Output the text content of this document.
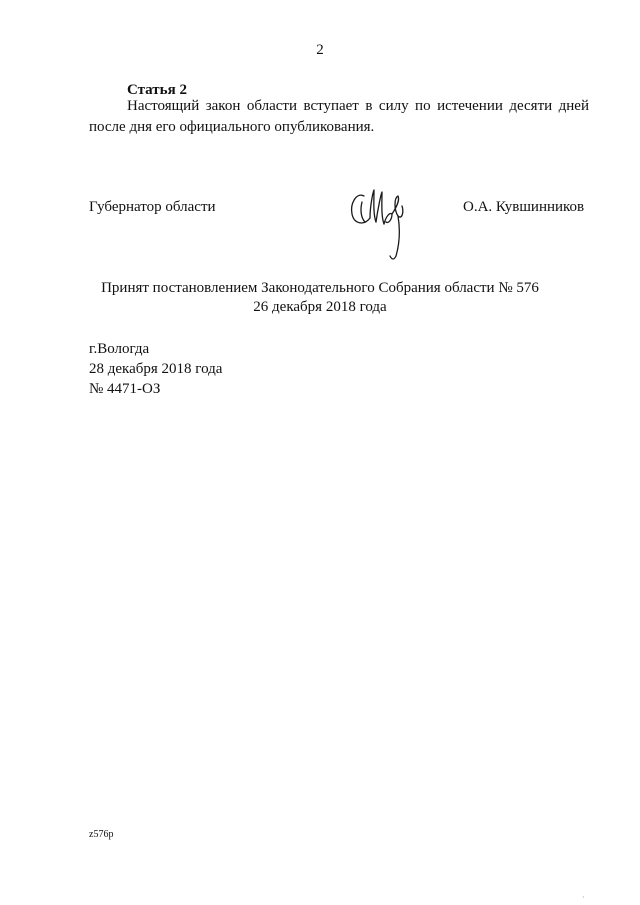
2
Статья 2
Настоящий закон области вступает в силу по истечении десяти дней после дня его официального опубликования.
Губернатор области	О.А. Кувшинников
Принят постановлением Законодательного Собрания области № 576
26 декабря 2018 года
г.Вологда
28 декабря 2018 года
№ 4471-ОЗ
z576p
·
